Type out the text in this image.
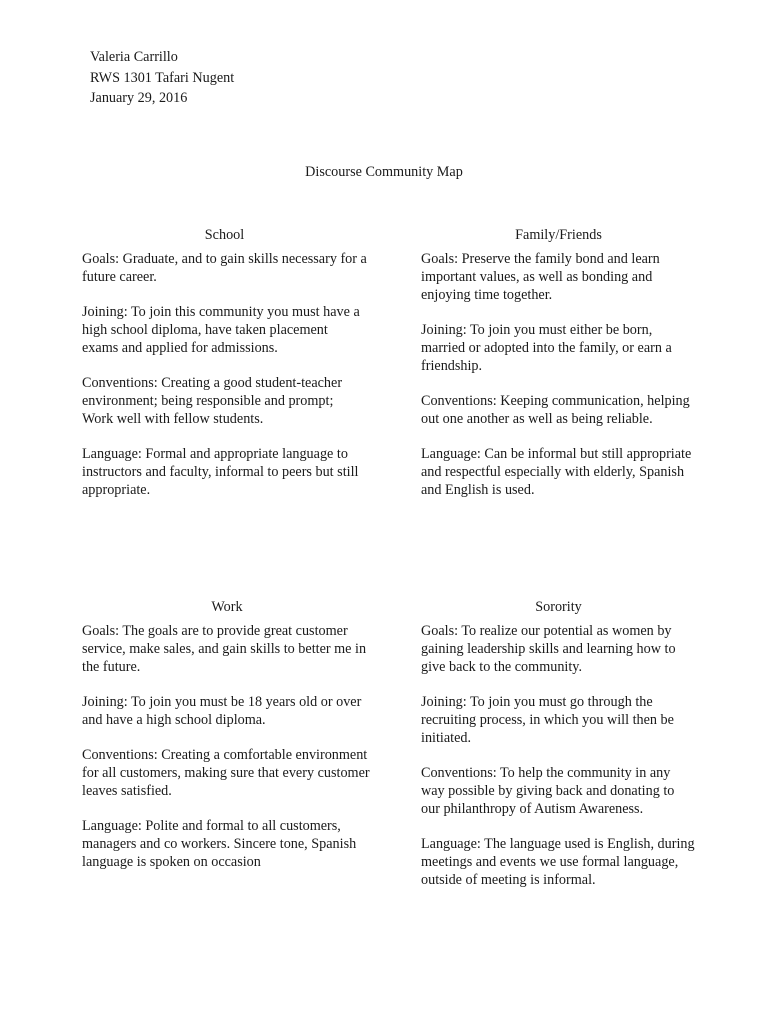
Valeria Carrillo
RWS 1301 Tafari Nugent
January 29, 2016
Discourse Community Map
School

Goals: Graduate, and to gain skills necessary for a future career.

Joining: To join this community you must have a high school diploma, have taken placement exams and applied for admissions.

Conventions: Creating a good student-teacher environment; being responsible and prompt; Work well with fellow students.

Language: Formal and appropriate language to instructors and faculty, informal to peers but still appropriate.

Family/Friends

Goals: Preserve the family bond and learn important values, as well as bonding and enjoying time together.

Joining: To join you must either be born, married or adopted into the family, or earn a friendship.

Conventions: Keeping communication, helping out one another as well as being reliable.

Language: Can be informal but still appropriate and respectful especially with elderly, Spanish and English is used.

Work

Goals: The goals are to provide great customer service, make sales, and gain skills to better me in the future.

Joining: To join you must be 18 years old or over and have a high school diploma.

Conventions: Creating a comfortable environment for all customers, making sure that every customer leaves satisfied.

Language: Polite and formal to all customers, managers and co workers. Sincere tone, Spanish language is spoken on occasion

Sorority

Goals: To realize our potential as women by gaining leadership skills and learning how to give back to the community.

Joining: To join you must go through the recruiting process, in which you will then be initiated.

Conventions: To help the community in any way possible by giving back and donating to our philanthropy of Autism Awareness.

Language: The language used is English, during meetings and events we use formal language, outside of meeting is informal.
